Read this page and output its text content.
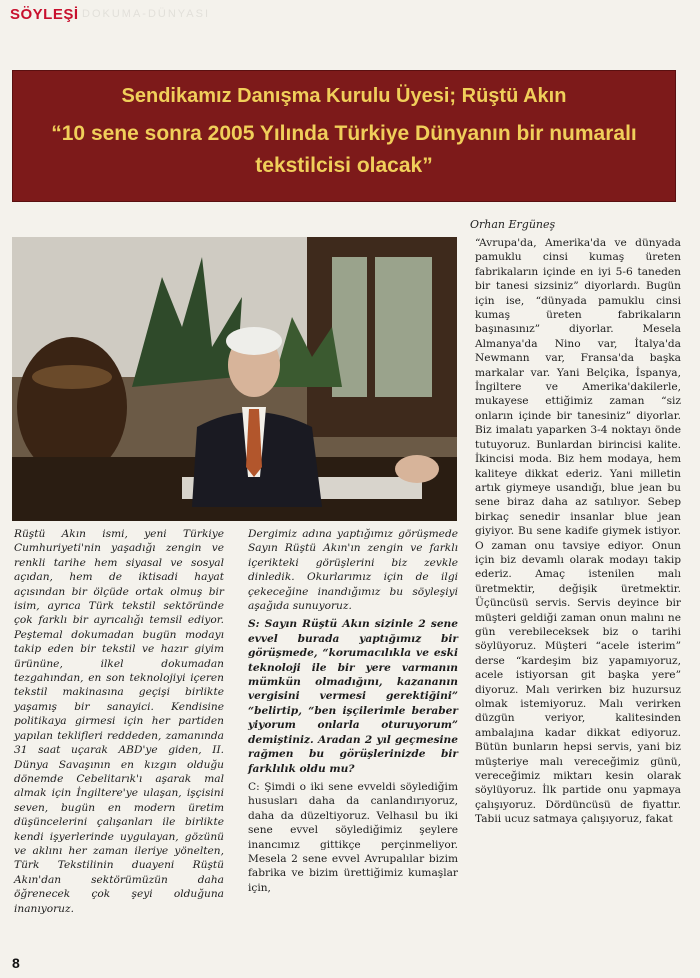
SÖYLEŞİ DOKUMA-DÜNYASI
Sendikamız Danışma Kurulu Üyesi; Rüştü Akın
“10 sene sonra 2005 Yılında Türkiye Dünyanın bir numaralı tekstilcisi olacak”
Orhan Ergüneş

Rüştü Akın ismi, yeni Türkiye Cumhuriyeti'nin yaşadığı zengin ve renkli tarihe hem siyasal ve sosyal açıdan, hem de iktisadi hayat açısından bir ölçüde ortak olmuş bir isim, ayrıca Türk tekstil sektöründe çok farklı bir ayrıcalığı temsil ediyor. Peştemal dokumadan bugün modayı takip eden bir tekstil ve hazır giyim ürününe, ilkel dokumadan tezgahından, en son teknolojiyi içeren tekstil makinasına geçişi birlikte yaşamış bir sanayici. Kendisine politikaya girmesi için her partiden yapılan teklifleri reddeden, zamanında 31 saat uçarak ABD'ye giden, II. Dünya Savaşının en kızgın olduğu dönemde Cebelitarık'ı aşarak mal almak için İngiltere'ye ulaşan, işçisini seven, bugün en modern üretim düşüncelerini çalışanları ile birlikte kendi işyerlerinde uygulayan, gözünü ve aklını her zaman ileriye yönelten, Türk Tekstilinin duayeni Rüştü Akın'dan sektörümüzün daha öğrenecek çok şeyi olduğuna inanıyoruz.

Dergimiz adına yaptığımız görüşmede Sayın Rüştü Akın'ın zengin ve farklı içerikteki görüşlerini biz zevkle dinledik. Okurlarımız için de ilgi çekeceğine inandığımız bu söyleşiyi aşağıda sunuyoruz.

S: Sayın Rüştü Akın sizinle 2 sene evvel burada yaptığımız bir görüşmede, “korumacılıkla ve eski teknoloji ile bir yere varmanın mümkün olmadığını, kazananın vergisini vermesi gerektiğini” “belirtip, “ben işçilerimle beraber yiyorum onlarla oturuyorum” demiştiniz. Aradan 2 yıl geçmesine rağmen bu görüşlerinizde bir farklılık oldu mu?

C: Şimdi o iki sene evveldi söylediğim hususları daha da canlandırıyoruz, daha da düzeltiyoruz. Velhasıl bu iki sene evvel söylediğimiz şeylere inancımız gittikçe perçinmeliyor. Mesela 2 sene evvel Avrupalılar bizim fabrika ve bizim ürettiğimiz kumaşlar için,

“Avrupa'da, Amerika'da ve dünyada pamuklu cinsi kumaş üreten fabrikaların içinde en iyi 5-6 taneden bir tanesi sizsiniz” diyorlardı. Bugün için ise, “dünyada pamuklu cinsi kumaş üreten fabrikaların başınasınız” diyorlar. Mesela Almanya'da Nino var, İtalya'da Newmann var, Fransa'da başka markalar var. Yani Belçika, İspanya, İngiltere ve Amerika'dakilerle, mukayese ettiğimiz zaman “siz onların içinde bir tanesiniz” diyorlar. Biz imalatı yaparken 3-4 noktayı önde tutuyoruz. Bunlardan birincisi kalite. İkincisi moda. Biz hem modaya, hem kaliteye dikkat ederiz. Yani milletin artık giymeye usandığı, blue jean bu sene biraz daha az satılıyor. Sebep birkaç senedir insanlar blue jean giyiyor. Bu sene kadife giymek istiyor. O zaman onu tavsiye ediyor. Onun için biz devamlı olarak modayı takip ederiz. Amaç istenilen malı üretmektir, değişik üretmektir. Üçüncüsü servis. Servis deyince bir müşteri geldiği zaman onun malını ne gün verebileceksek biz o tarihi söylüyoruz. Müşteri “acele isterim” derse “kardeşim biz yapamıyoruz, acele istiyorsan git başka yere” diyoruz. Malı verirken biz huzursuz olmak istemiyoruz. Malı verirken düzgün veriyor, kalitesinden ambalajına kadar dikkat ediyoruz. Bütün bunların hepsi servis, yani biz müşteriye malı vereceğimiz günü, vereceğimiz miktarı kesin olarak söylüyoruz. İlk partide onu yapmaya çalışıyoruz. Dördüncüsü de fiyattır. Tabii ucuz satmaya çalışıyoruz, fakat

8
